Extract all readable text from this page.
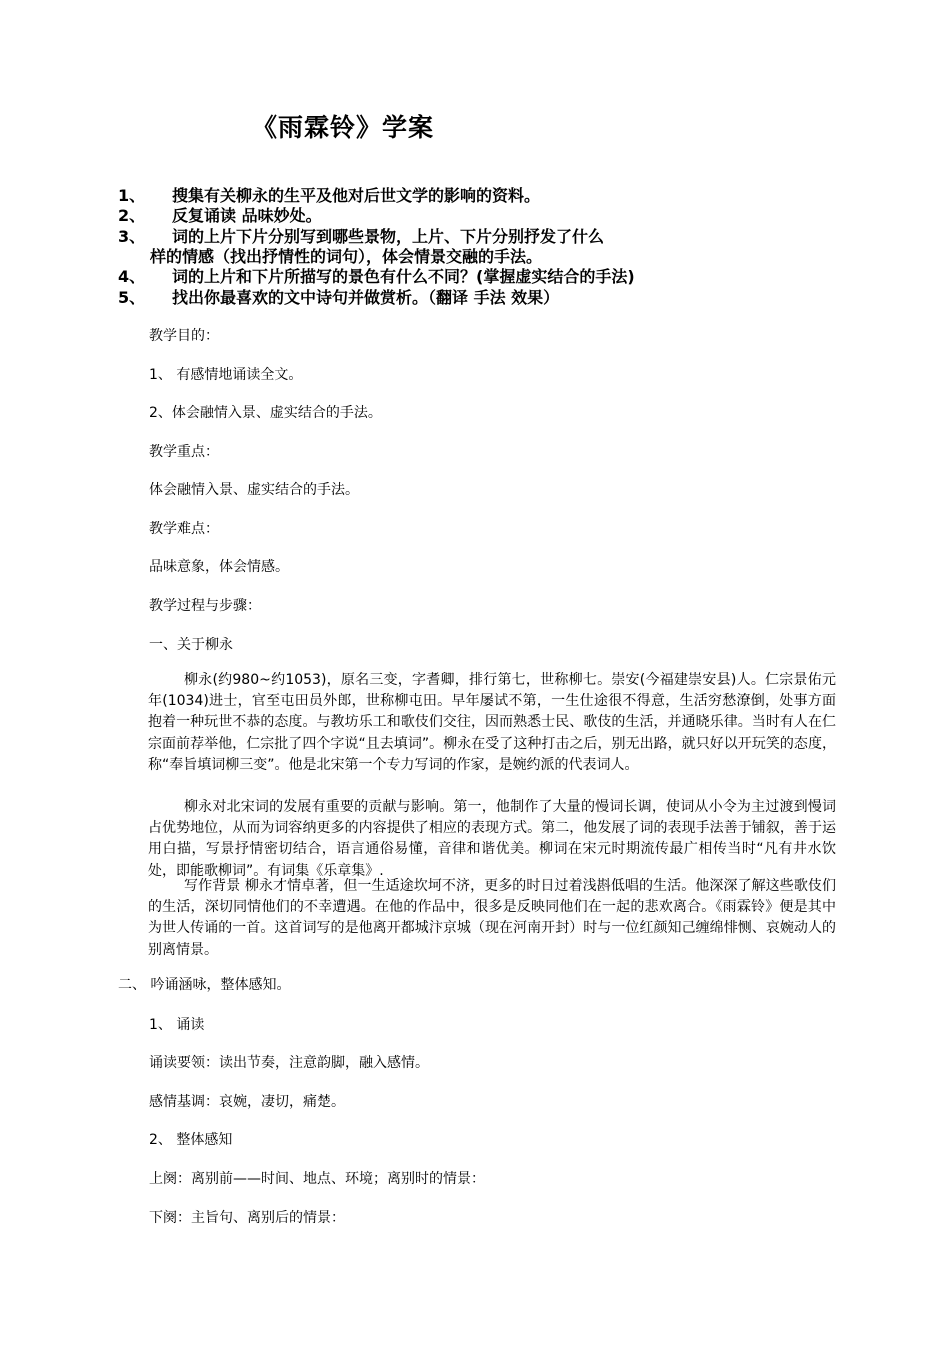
《雨霖铃》学案
1、 搜集有关柳永的生平及他对后世文学的影响的资料。
2、 反复诵读 品味妙处。
3、 词的上片下片分别写到哪些景物，上片、下片分别抒发了什么
样的情感（找出抒情性的词句），体会情景交融的手法。
4、 词的上片和下片所描写的景色有什么不同？(掌握虚实结合的手法)
5、 找出你最喜欢的文中诗句并做赏析。（翻译 手法 效果）
教学目的：
1、 有感情地诵读全文。
2、体会融情入景、虚实结合的手法。
教学重点：
体会融情入景、虚实结合的手法。
教学难点：
品味意象，体会情感。
教学过程与步骤：
一、关于柳永
柳永(约980~约1053)，原名三变，字耆卿，排行第七，世称柳七。崇安(今福建崇安县)人。仁宗景佑元年(1034)进士，官至屯田员外郎，世称柳屯田。早年屡试不第，一生仕途很不得意，生活穷愁潦倒，处事方面抱着一种玩世不恭的态度。与教坊乐工和歌伎们交往，因而熟悉士民、歌伎的生活，并通晓乐律。当时有人在仁宗面前荐举他，仁宗批了四个字说“且去填词”。柳永在受了这种打击之后，别无出路，就只好以开玩笑的态度，称“奉旨填词柳三变”。他是北宋第一个专力写词的作家，是婉约派的代表词人。
柳永对北宋词的发展有重要的贡献与影响。第一，他制作了大量的慢词长调，使词从小令为主过渡到慢词占优势地位，从而为词容纳更多的内容提供了相应的表现方式。第二，他发展了词的表现手法善于铺叙，善于运用白描，写景抒情密切结合，语言通俗易懂，音律和谐优美。柳词在宋元时期流传最广相传当时“凡有井水饮处，即能歌柳词”。有词集《乐章集》.
写作背景 柳永才情卓著，但一生适途坎坷不济，更多的时日过着浅斟低唱的生活。他深深了解这些歌伎们的生活，深切同情他们的不幸遭遇。在他的作品中，很多是反映同他们在一起的悲欢离合。《雨霖铃》便是其中为世人传诵的一首。这首词写的是他离开都城汴京城（现在河南开封）时与一位红颜知己缠绵悱恻、哀婉动人的别离情景。
二、 吟诵涵咏，整体感知。
1、 诵读
诵读要领：读出节奏，注意韵脚，融入感情。
感情基调：哀婉，凄切，痛楚。
2、 整体感知
上阕：离别前——时间、地点、环境；离别时的情景：
下阕：主旨句、离别后的情景：
